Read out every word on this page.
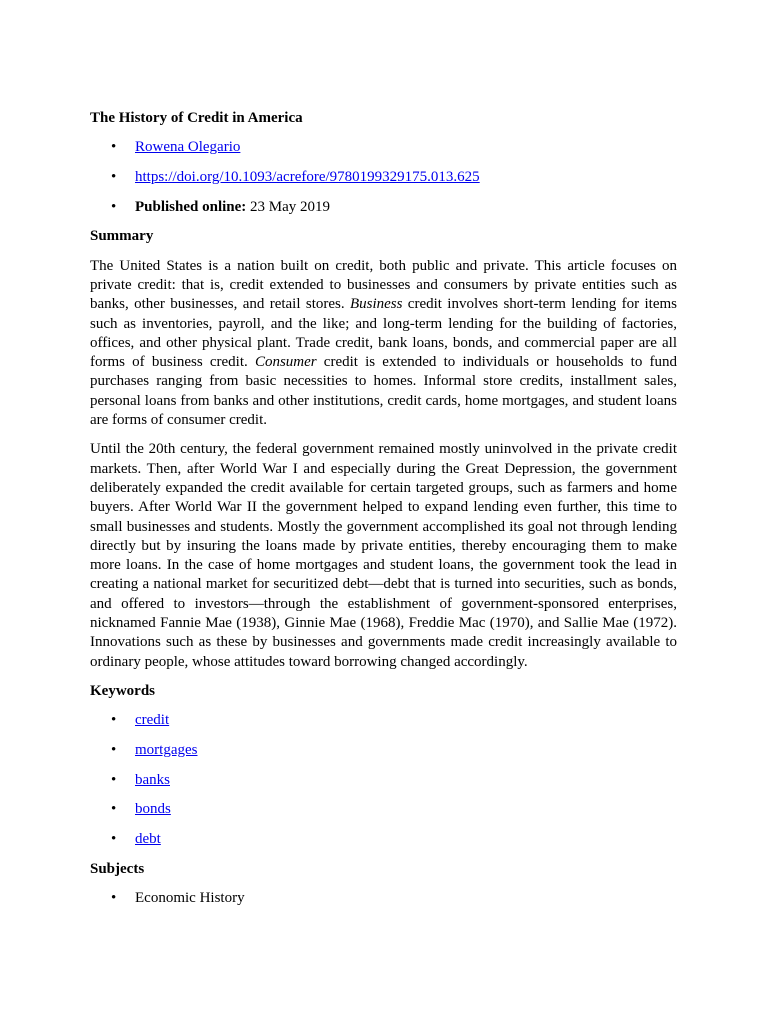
The History of Credit in America
• Rowena Olegario
• https://doi.org/10.1093/acrefore/9780199329175.013.625
• Published online: 23 May 2019
Summary

The United States is a nation built on credit, both public and private. This article focuses on private credit: that is, credit extended to businesses and consumers by private entities such as banks, other businesses, and retail stores. Business credit involves short-term lending for items such as inventories, payroll, and the like; and long-term lending for the building of factories, offices, and other physical plant. Trade credit, bank loans, bonds, and commercial paper are all forms of business credit. Consumer credit is extended to individuals or households to fund purchases ranging from basic necessities to homes. Informal store credits, installment sales, personal loans from banks and other institutions, credit cards, home mortgages, and student loans are forms of consumer credit.

Until the 20th century, the federal government remained mostly uninvolved in the private credit markets. Then, after World War I and especially during the Great Depression, the government deliberately expanded the credit available for certain targeted groups, such as farmers and home buyers. After World War II the government helped to expand lending even further, this time to small businesses and students. Mostly the government accomplished its goal not through lending directly but by insuring the loans made by private entities, thereby encouraging them to make more loans. In the case of home mortgages and student loans, the government took the lead in creating a national market for securitized debt—debt that is turned into securities, such as bonds, and offered to investors—through the establishment of government-sponsored enterprises, nicknamed Fannie Mae (1938), Ginnie Mae (1968), Freddie Mac (1970), and Sallie Mae (1972). Innovations such as these by businesses and governments made credit increasingly available to ordinary people, whose attitudes toward borrowing changed accordingly.

Keywords
• credit
• mortgages
• banks
• bonds
• debt
Subjects
• Economic History
